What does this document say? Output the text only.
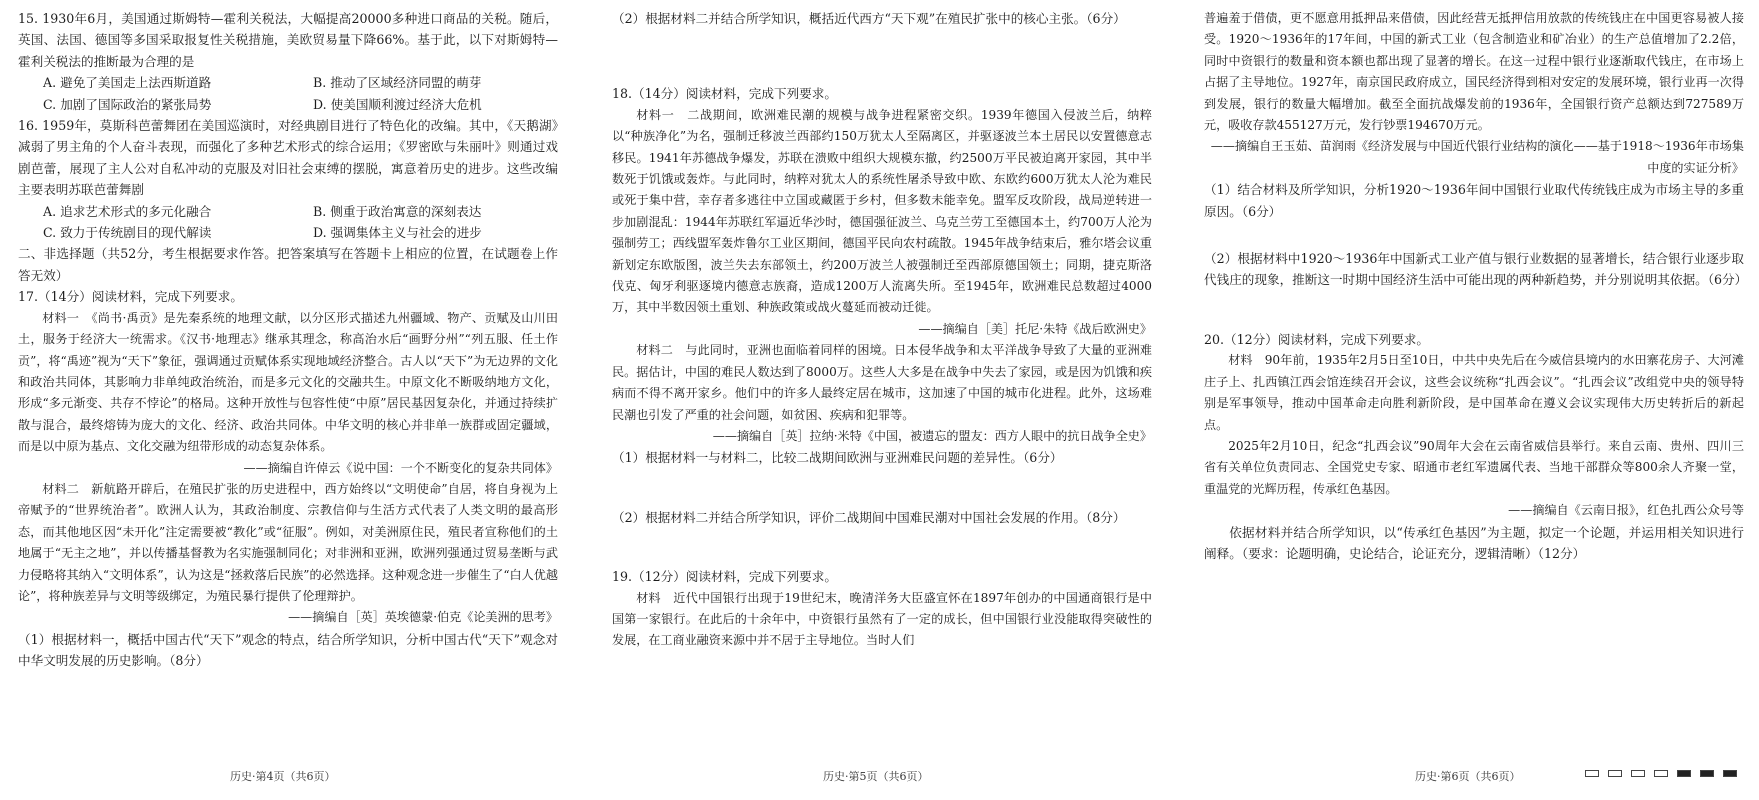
15. 1930年6月，美国通过斯姆特—霍利关税法，大幅提高20000多种进口商品的关税。随后，英国、法国、德国等多国采取报复性关税措施，美欧贸易量下降66%。基于此，以下对斯姆特—霍利关税法的推断最为合理的是

A. 避免了美国走上法西斯道路	B. 推动了区域经济同盟的萌芽
C. 加剧了国际政治的紧张局势	D. 使美国顺利渡过经济大危机

16. 1959年，莫斯科芭蕾舞团在美国巡演时，对经典剧目进行了特色化的改编。其中，《天鹅湖》减弱了男主角的个人奋斗表现，而强化了多种艺术形式的综合运用；《罗密欧与朱丽叶》则通过戏剧芭蕾，展现了主人公对自私冲动的克服及对旧社会束缚的摆脱，寓意着历史的进步。这些改编主要表明苏联芭蕾舞剧

A. 追求艺术形式的多元化融合	B. 侧重于政治寓意的深刻表达
C. 致力于传统剧目的现代解读	D. 强调集体主义与社会的进步

二、非选择题（共52分，考生根据要求作答。把答案填写在答题卡上相应的位置，在试题卷上作答无效）

17.（14分）阅读材料，完成下列要求。

材料一　《尚书·禹贡》是先秦系统的地理文献，以分区形式描述九州疆域、物产、贡赋及山川田土，服务于经济大一统需求。《汉书·地理志》继承其理念，称高治水后“画野分州”“列五服、任土作贡”，将“禹迹”视为“天下”象征，强调通过贡赋体系实现地域经济整合。古人以“天下”为无边界的文化和政治共同体，其影响力非单纯政治统治，而是多元文化的交融共生。中原文化不断吸纳地方文化，形成“多元渐变、共存不悖论”的格局。这种开放性与包容性使“中原”居民基因复杂化，并通过持续扩散与混合，最终熔铸为庞大的文化、经济、政治共同体。中华文明的核心并非单一族群或固定疆域，而是以中原为基点、文化交融为纽带形成的动态复杂体系。

——摘编自许倬云《说中国：一个不断变化的复杂共同体》

材料二　新航路开辟后，在殖民扩张的历史进程中，西方始终以“文明使命”自居，将自身视为上帝赋予的“世界统治者”。欧洲人认为，其政治制度、宗教信仰与生活方式代表了人类文明的最高形态，而其他地区因“未开化”注定需要被“教化”或“征服”。例如，对美洲原住民，殖民者宣称他们的土地属于“无主之地”，并以传播基督教为名实施强制同化；对非洲和亚洲，欧洲列强通过贸易垄断与武力侵略将其纳入“文明体系”，认为这是“拯救落后民族”的必然选择。这种观念进一步催生了“白人优越论”，将种族差异与文明等级绑定，为殖民暴行提供了伦理辩护。

——摘编自［英］英埃德蒙·伯克《论美洲的思考》

（1）根据材料一，概括中国古代“天下”观念的特点，结合所学知识，分析中国古代“天下”观念对中华文明发展的历史影响。（8分）

（2）根据材料二并结合所学知识，概括近代西方“天下观”在殖民扩张中的核心主张。（6分）

18.（14分）阅读材料，完成下列要求。

材料一　二战期间，欧洲难民潮的规模与战争进程紧密交织。1939年德国入侵波兰后，纳粹以“种族净化”为名，强制迁移波兰西部约150万犹太人至隔离区，并驱逐波兰本土居民以安置德意志移民。1941年苏德战争爆发，苏联在溃败中组织大规模东撤，约2500万平民被迫离开家园，其中半数死于饥饿或轰炸。与此同时，纳粹对犹太人的系统性屠杀导致中欧、东欧约600万犹太人沦为难民或死于集中营，幸存者多逃往中立国或藏匿于乡村，但多数未能幸免。盟军反攻阶段，战局逆转进一步加剧混乱：1944年苏联红军逼近华沙时，德国强征波兰、乌克兰劳工至德国本土，约700万人沦为强制劳工；西线盟军轰炸鲁尔工业区期间，德国平民向农村疏散。1945年战争结束后，雅尔塔会议重新划定东欧版图，波兰失去东部领土，约200万波兰人被强制迁至西部原德国领土；同期，捷克斯洛伐克、匈牙利驱逐境内德意志族裔，造成1200万人流离失所。至1945年，欧洲难民总数超过4000万，其中半数因领土重划、种族政策或战火蔓延而被动迁徙。

——摘编自［美］托尼·朱特《战后欧洲史》

材料二　与此同时，亚洲也面临着同样的困境。日本侵华战争和太平洋战争导致了大量的亚洲难民。据估计，中国的难民人数达到了8000万。这些人大多是在战争中失去了家园，或是因为饥饿和疾病而不得不离开家乡。他们中的许多人最终定居在城市，这加速了中国的城市化进程。此外，这场难民潮也引发了严重的社会问题，如贫困、疾病和犯罪等。

——摘编自［英］拉纳·米特《中国，被遗忘的盟友：西方人眼中的抗日战争全史》

（1）根据材料一与材料二，比较二战期间欧洲与亚洲难民问题的差异性。（6分）

（2）根据材料二并结合所学知识，评价二战期间中国难民潮对中国社会发展的作用。（8分）

19.（12分）阅读材料，完成下列要求。

材料　近代中国银行出现于19世纪末，晚清洋务大臣盛宣怀在1897年创办的中国通商银行是中国第一家银行。在此后的十余年中，中资银行虽然有了一定的成长，但中国银行业没能取得突破性的发展，在工商业融资来源中并不居于主导地位。当时人们

普遍羞于借债，更不愿意用抵押品来借债，因此经营无抵押信用放款的传统钱庄在中国更容易被人接受。1920～1936年的17年间，中国的新式工业（包含制造业和矿冶业）的生产总值增加了2.2倍，同时中资银行的数量和资本额也都出现了显著的增长。在这一过程中银行业逐渐取代钱庄，在市场上占据了主导地位。1927年，南京国民政府成立，国民经济得到相对安定的发展环境，银行业再一次得到发展，银行的数量大幅增加。截至全面抗战爆发前的1936年，全国银行资产总额达到727589万元，吸收存款455127万元，发行钞票194670万元。

——摘编自王玉茹、苗润雨《经济发展与中国近代银行业结构的演化——基于1918～1936年市场集中度的实证分析》

（1）结合材料及所学知识，分析1920～1936年间中国银行业取代传统钱庄成为市场主导的多重原因。（6分）

（2）根据材料中1920～1936年中国新式工业产值与银行业数据的显著增长，结合银行业逐步取代钱庄的现象，推断这一时期中国经济生活中可能出现的两种新趋势，并分别说明其依据。（6分）

20.（12分）阅读材料，完成下列要求。

材料　90年前，1935年2月5日至10日，中共中央先后在今威信县境内的水田寨花房子、大河滩庄子上、扎西镇江西会馆连续召开会议，这些会议统称“扎西会议”。“扎西会议”改组党中央的领导特别是军事领导，推动中国革命走向胜利新阶段，是中国革命在遵义会议实现伟大历史转折后的新起点。

2025年2月10日，纪念“扎西会议”90周年大会在云南省威信县举行。来自云南、贵州、四川三省有关单位负责同志、全国党史专家、昭通市老红军遗属代表、当地干部群众等800余人齐聚一堂，重温党的光辉历程，传承红色基因。

——摘编自《云南日报》，红色扎西公众号等

依据材料并结合所学知识，以“传承红色基因”为主题，拟定一个论题，并运用相关知识进行阐释。（要求：论题明确，史论结合，论证充分，逻辑清晰）（12分）

历史·第4页（共6页）	历史·第5页（共6页）	历史·第6页（共6页）
